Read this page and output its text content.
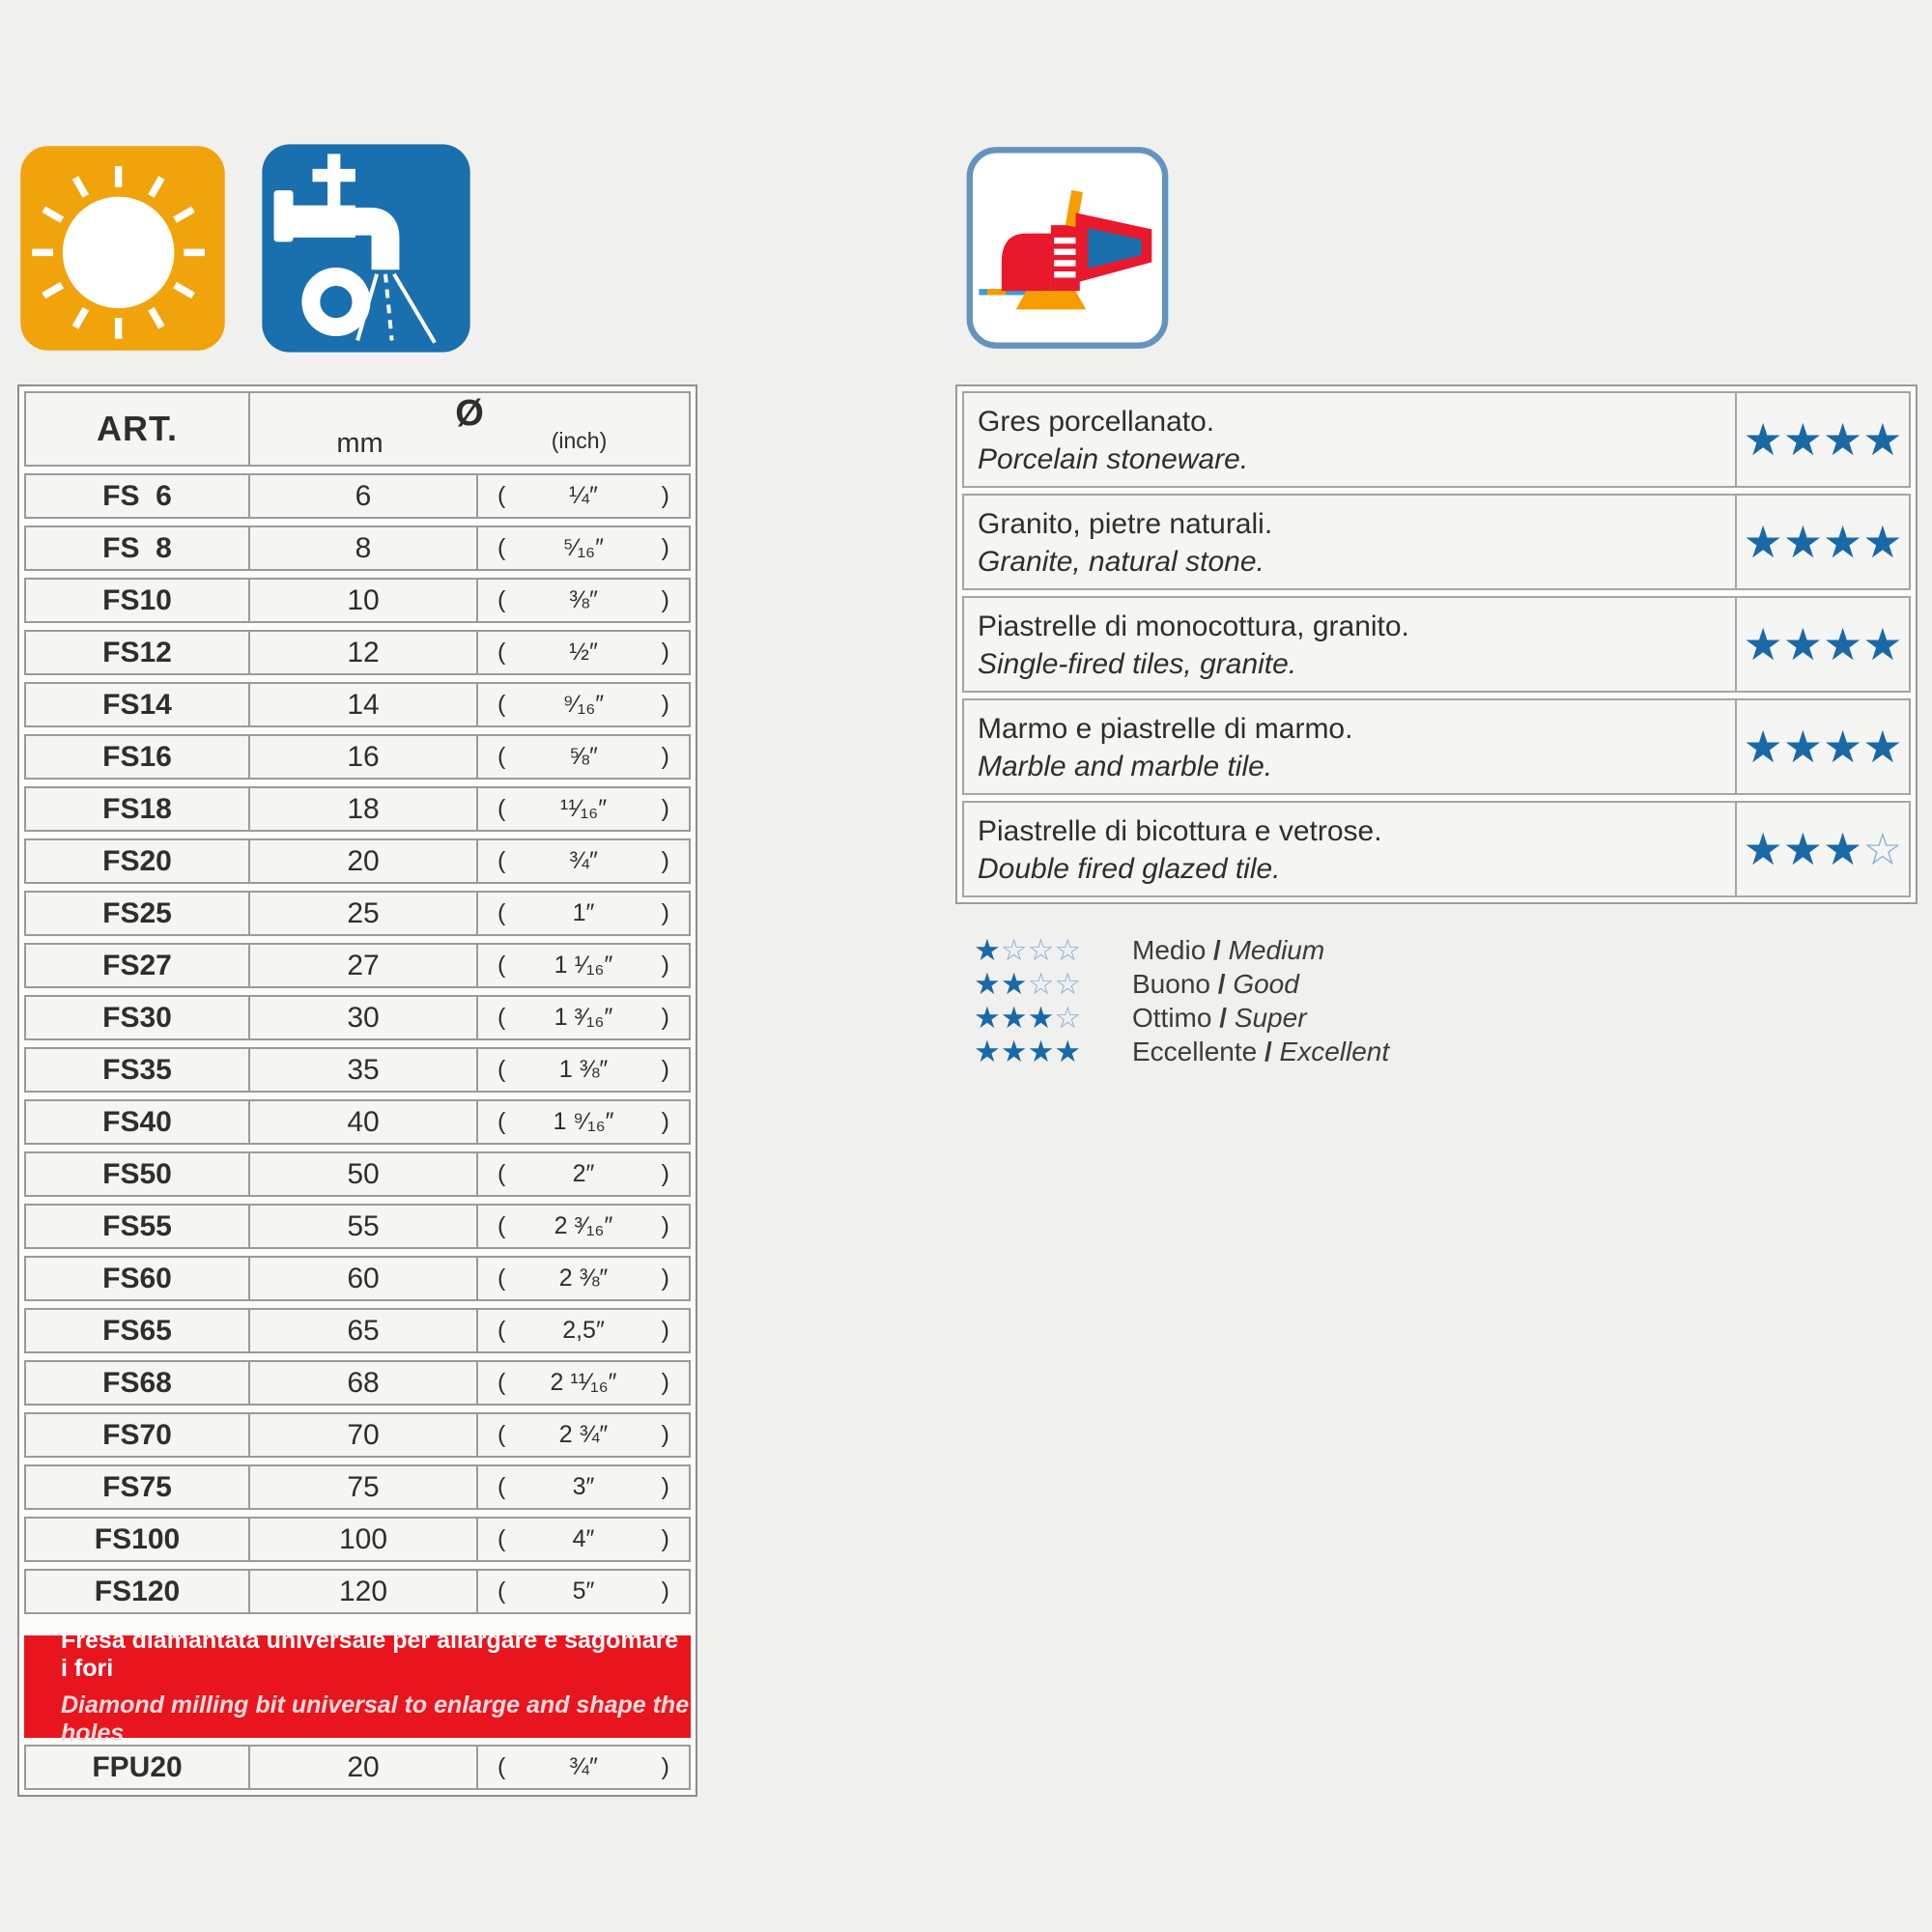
ART.	Ø
mm	(inch)
FS  6	6	(	¼″	)
FS  8	8	( ⁵⁄₁₆″ )
FS10	10	(	⅜″	)
FS12	12	(	½″	)
FS14	14	( ⁹⁄₁₆″ )
FS16	16	(	⅝″	)
FS18	18	( ¹¹⁄₁₆″ )
FS20	20	(	¾″	)
FS25	25	(	1″	)
FS27	27	( 1 ¹⁄₁₆″ )
FS30	30	( 1 ³⁄₁₆″ )
FS35	35	( 1 ⅜″ )
FS40	40	( 1 ⁹⁄₁₆″ )
FS50	50	(	2″	)
FS55	55	( 2 ³⁄₁₆″ )
FS60	60	( 2 ⅜″ )
FS65	65	( 2,5″ )
FS68	68	( 2 ¹¹⁄₁₆″ )
FS70	70	( 2 ¾″ )
FS75	75	(	3″	)
FS100	100	(	4″	)
FS120	120	(	5″	)
Fresa diamantata universale per allargare e sagomare i fori
Diamond milling bit universal to enlarge and shape the holes
FPU20	20	(	¾″	)
Gres porcellanato.
Porcelain stoneware.	★★★★
Granito, pietre naturali.
Granite, natural stone.	★★★★
Piastrelle di monocottura, granito.
Single-fired tiles, granite.	★★★★
Marmo e piastrelle di marmo.
Marble and marble tile.	★★★★
Piastrelle di bicottura e vetrose.
Double fired glazed tile.	★★★☆
★ ☆ ☆ ☆ Medio / Medium
★ ★ ☆ ☆ Buono / Good
★ ★ ★ ☆ Ottimo / Super
★ ★ ★ ★ Eccellente / Excellent
